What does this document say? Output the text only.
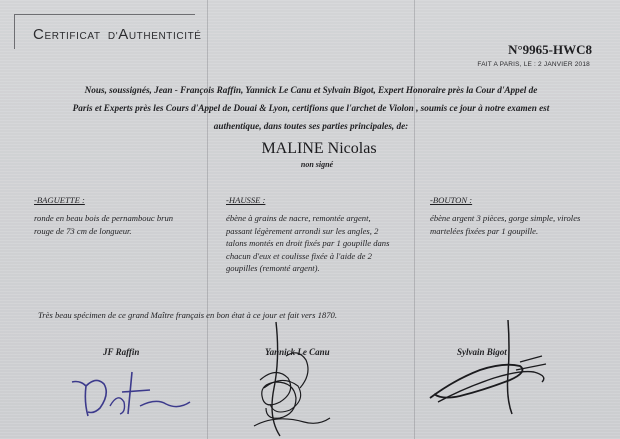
CERTIFICAT D'AUTHENTICITÉ
N°9965-HWC8
FAIT A PARIS, LE : 2 JANVIER 2018
Nous, soussignés, Jean - François Raffin, Yannick Le Canu et Sylvain Bigot, Expert Honoraire près la Cour d'Appel de
Paris et Experts près les Cours d'Appel de Douai & Lyon, certifions que l'archet de Violon , soumis ce jour à notre examen est
authentique, dans toutes ses parties principales, de:
MALINE Nicolas
non signé
-BAGUETTE :
ronde en beau bois de pernambouc brun
rouge de 73 cm de longueur.
-HAUSSE :
ébène à grains de nacre, remontée argent,
passant légèrement arrondi sur les angles, 2
talons montés en droit fixés par 1 goupille dans
chacun d'eux et coulisse fixée à l'aide de 2
goupilles (remonté argent).
-BOUTON :
ébène argent 3 pièces, gorge simple, viroles
martelées fixées par 1 goupille.
Très beau spécimen de ce grand Maître français en bon état à ce jour et fait vers 1870.
JF Raffin	Yannick Le Canu	Sylvain Bigot
